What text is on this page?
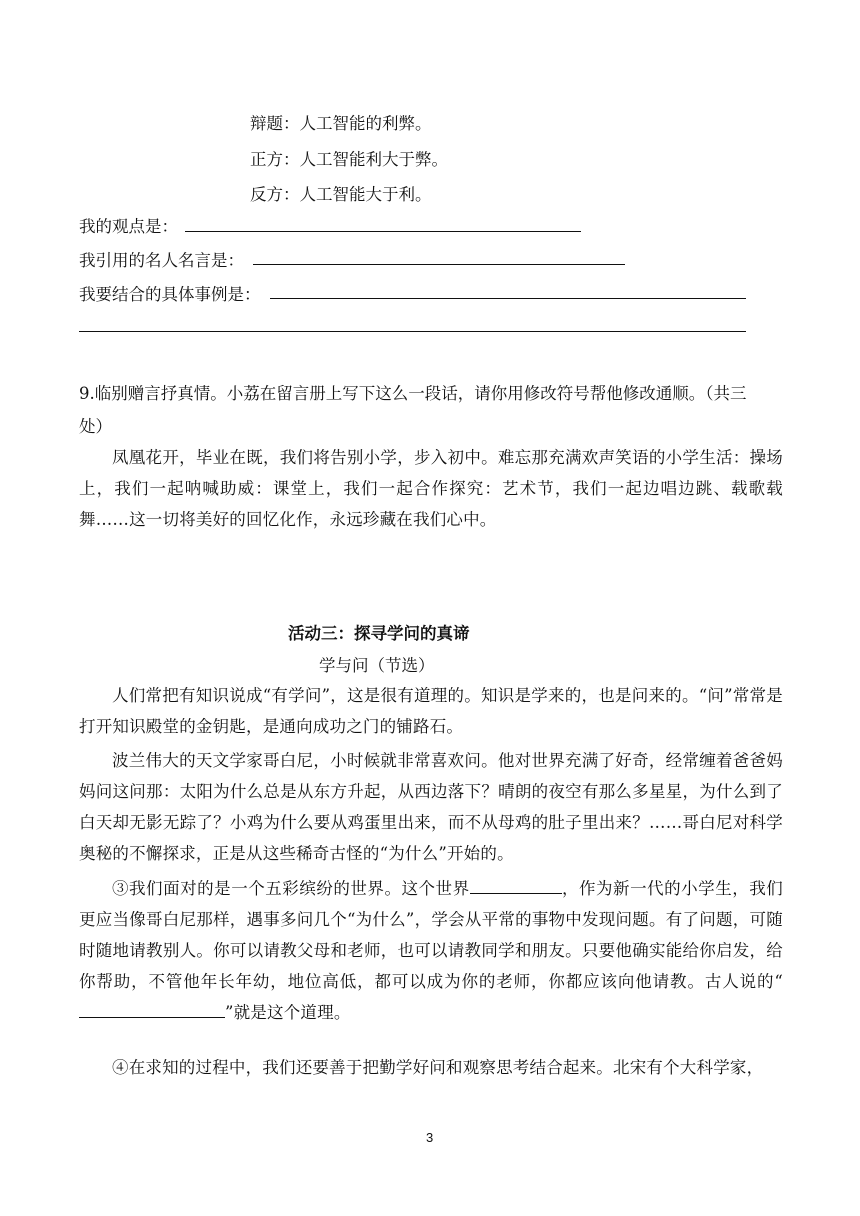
辩题：人工智能的利弊。
正方：人工智能利大于弊。
反方：人工智能大于利。
我的观点是：
我引用的名人名言是：
我要结合的具体事例是：
9.临别赠言抒真情。小荔在留言册上写下这么一段话，请你用修改符号帮他修改通顺。（共三
处）
凤凰花开，毕业在既，我们将告别小学，步入初中。难忘那充满欢声笑语的小学生活：操场上，我们一起呐喊助威：课堂上，我们一起合作探究：艺术节，我们一起边唱边跳、载歌载舞……这一切将美好的回忆化作，永远珍藏在我们心中。
活动三：探寻学问的真谛
学与问（节选）
人们常把有知识说成“有学问”，这是很有道理的。知识是学来的，也是问来的。“问”常常是打开知识殿堂的金钥匙，是通向成功之门的铺路石。
波兰伟大的天文学家哥白尼，小时候就非常喜欢问。他对世界充满了好奇，经常缠着爸爸妈妈问这问那：太阳为什么总是从东方升起，从西边落下？晴朗的夜空有那么多星星，为什么到了白天却无影无踪了？小鸡为什么要从鸡蛋里出来，而不从母鸡的肚子里出来？……哥白尼对科学奥秘的不懈探求，正是从这些稀奇古怪的“为什么”开始的。
③我们面对的是一个五彩缤纷的世界。这个世界	，作为新一代的小学生，我们更应当像哥白尼那样，遇事多问几个“为什么”，学会从平常的事物中发现问题。有了问题，可随时随地请教别人。你可以请教父母和老师，也可以请教同学和朋友。只要他确实能给你启发，给你帮助，不管他年长年幼，地位高低，都可以成为你的老师，你都应该向他请教。古人说的“”就是这个道理。
④在求知的过程中，我们还要善于把勤学好问和观察思考结合起来。北宋有个大科学家，
3
